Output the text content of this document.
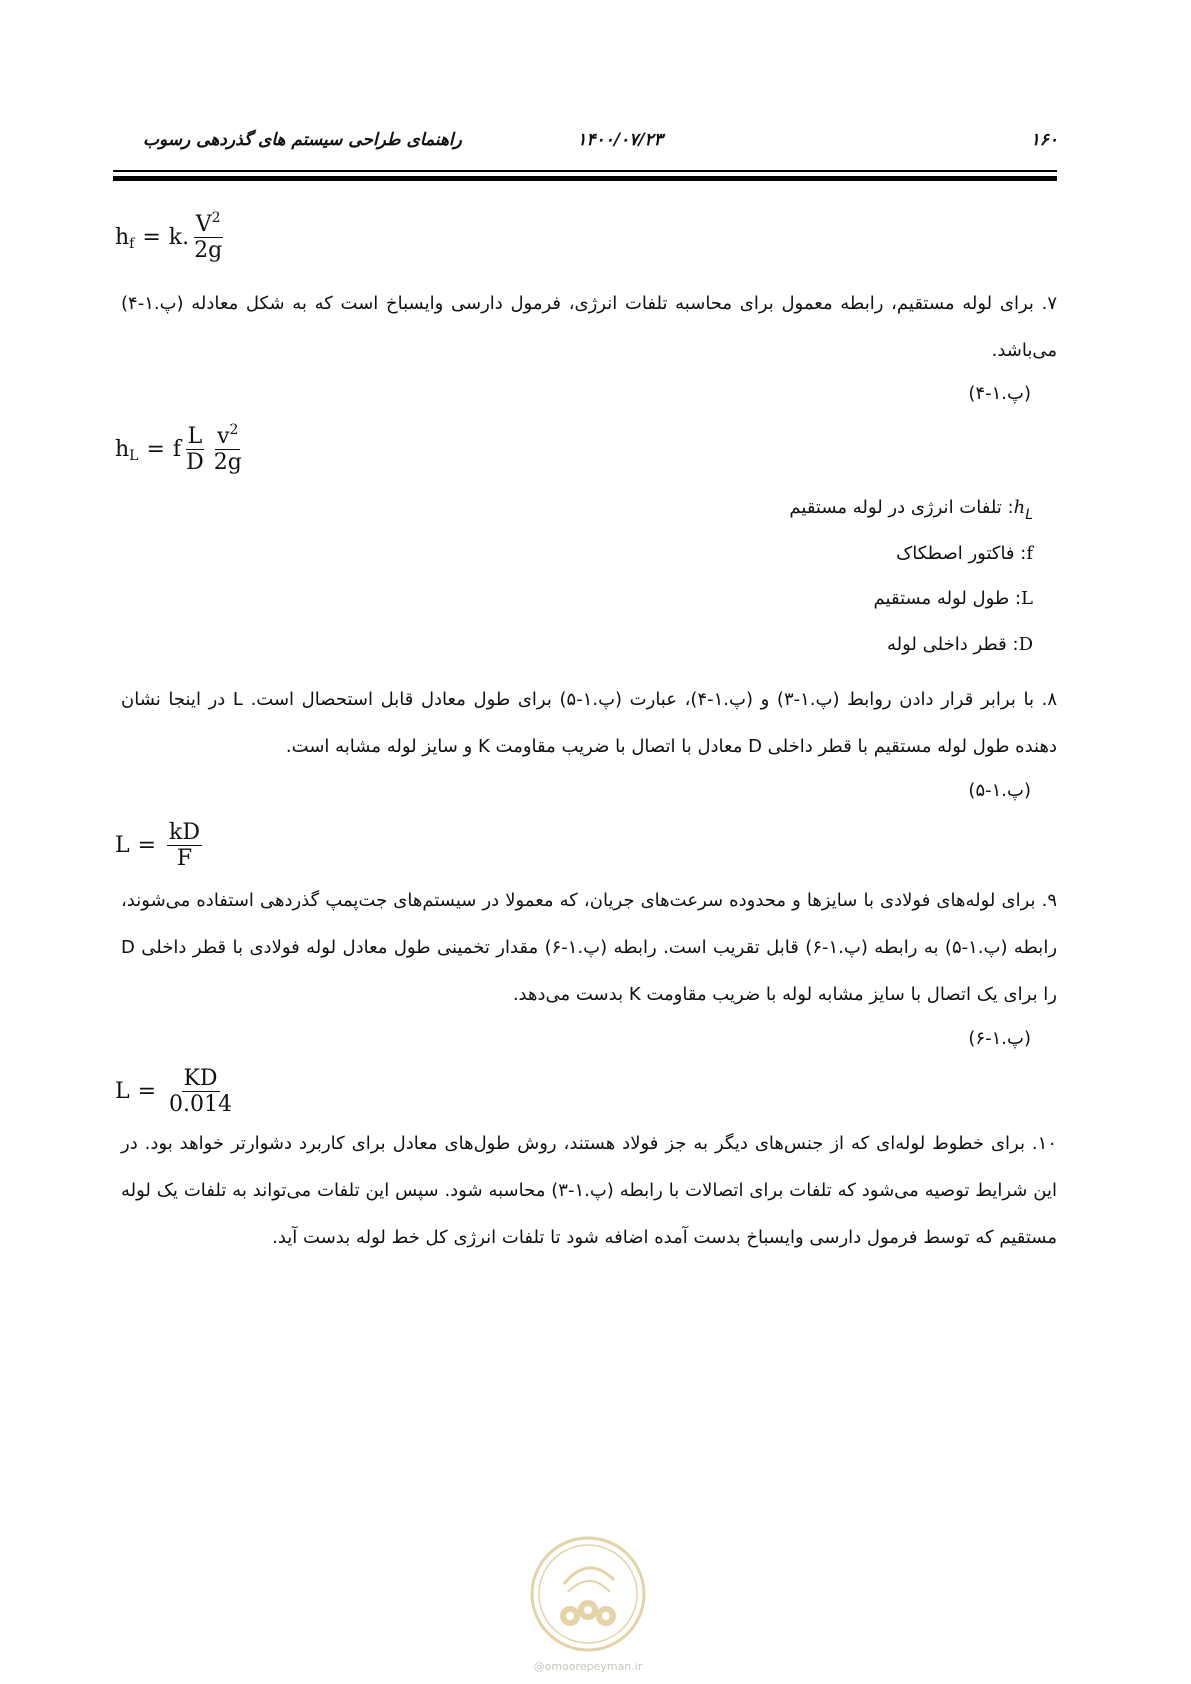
۱۶۰
۱۴۰۰/۰۷/۲۳
راهنمای طراحی سیستم های گذردهی رسوب
h f = k. $\frac{V^2}{2g}$

۷. برای لوله مستقیم، رابطه معمول برای محاسبه تلفات انرژی، فرمول دارسی وایسباخ است که به شکل معادله (پ.۱-۴) می‌باشد.

(پ.۱-۴)
h L = f $\frac{L}{D} \frac{v^2}{2g}$
$h_L$: تلفات انرژی در لوله مستقیم
f: فاکتور اصطکاک
L: طول لوله مستقیم
D: قطر داخلی لوله

۸. با برابر قرار دادن روابط (پ.۱-۳) و (پ.۱-۴)، عبارت (پ.۱-۵) برای طول معادل قابل استحصال است. L در اینجا نشان دهنده طول لوله مستقیم با قطر داخلی D معادل با اتصال با ضریب مقاومت K و سایز لوله مشابه است.

(پ.۱-۵)
$L = \frac{kD}{F}$

۹. برای لوله‌های فولادی با سایزها و محدوده سرعت‌های جریان، که معمولا در سیستم‌های جت‌پمپ گذردهی استفاده می‌شوند، رابطه (پ.۱-۵) به رابطه (پ.۱-۶) قابل تقریب است. رابطه (پ.۱-۶) مقدار تخمینی طول معادل لوله فولادی با قطر داخلی D را برای یک اتصال با سایز مشابه لوله با ضریب مقاومت K بدست می‌دهد.

(پ.۱-۶)
$L = \frac{KD}{0.014}$

۱۰. برای خطوط لوله‌ای که از جنس‌های دیگر به جز فولاد هستند، روش طول‌های معادل برای کاربرد دشوارتر خواهد بود. در این شرایط توصیه می‌شود که تلفات برای اتصالات با رابطه (پ.۱-۳) محاسبه شود. سپس این تلفات می‌تواند به تلفات یک لوله مستقیم که توسط فرمول دارسی وایسباخ بدست آمده اضافه شود تا تلفات انرژی کل خط لوله بدست آید.

@omoorepeyman.ir
